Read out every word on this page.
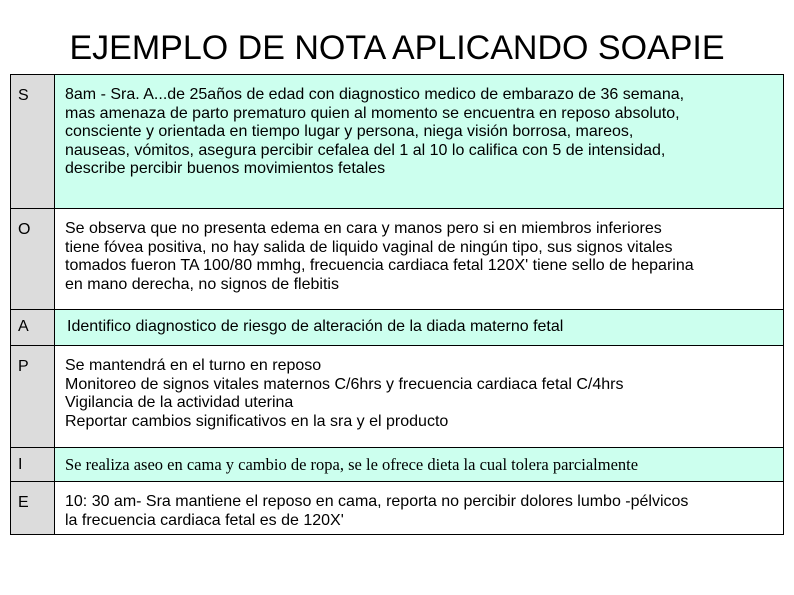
EJEMPLO DE NOTA APLICANDO SOAPIE
S	8am - Sra. A...de 25años de edad con diagnostico medico de embarazo de 36 semana,
mas amenaza de parto prematuro quien al momento se encuentra en reposo absoluto,
consciente y orientada en tiempo lugar y persona, niega visión borrosa, mareos,
nauseas, vómitos, asegura percibir cefalea del 1 al 10 lo califica con 5 de intensidad,
describe percibir buenos movimientos fetales

O	Se observa que no presenta edema en cara y manos pero si en miembros inferiores
tiene fóvea positiva, no hay salida de liquido vaginal de ningún tipo, sus signos vitales
tomados fueron TA 100/80 mmhg, frecuencia cardiaca fetal 120X' tiene sello de heparina
en mano derecha, no signos de flebitis

A	Identifico diagnostico de riesgo de alteración de la diada materno fetal

P	Se mantendrá en el turno en reposo
Monitoreo de signos vitales maternos C/6hrs y frecuencia cardiaca fetal C/4hrs
Vigilancia de la actividad uterina
Reportar cambios significativos en la sra y el producto

I	Se realiza aseo en cama y cambio de ropa, se le ofrece dieta la cual tolera parcialmente

E	10: 30 am- Sra mantiene el reposo en cama, reporta no percibir dolores lumbo -pélvicos
la frecuencia cardiaca fetal es de 120X'
